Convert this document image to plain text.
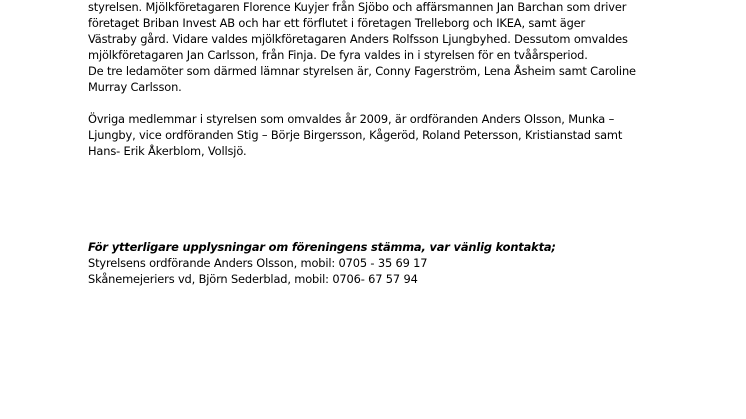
styrelsen. Mjölkföretagaren Florence Kuyjer från Sjöbo och affärsmannen Jan Barchan som driver
företaget Briban Invest AB och har ett förflutet i företagen Trelleborg och IKEA, samt äger
Västraby gård. Vidare valdes mjölkföretagaren Anders Rolfsson Ljungbyhed. Dessutom omvaldes
mjölkföretagaren Jan Carlsson, från Finja. De fyra valdes in i styrelsen för en tvåårsperiod.
De tre ledamöter som därmed lämnar styrelsen är, Conny Fagerström, Lena Åsheim samt Caroline
Murray Carlsson.
Övriga medlemmar i styrelsen som omvaldes år 2009, är ordföranden Anders Olsson, Munka –
Ljungby, vice ordföranden Stig – Börje Birgersson, Kågeröd, Roland Petersson, Kristianstad samt
Hans- Erik Åkerblom, Vollsjö.
För ytterligare upplysningar om föreningens stämma, var vänlig kontakta;
Styrelsens ordförande Anders Olsson, mobil: 0705 - 35 69 17
Skånemejeriers vd, Björn Sederblad, mobil: 0706- 67 57 94
